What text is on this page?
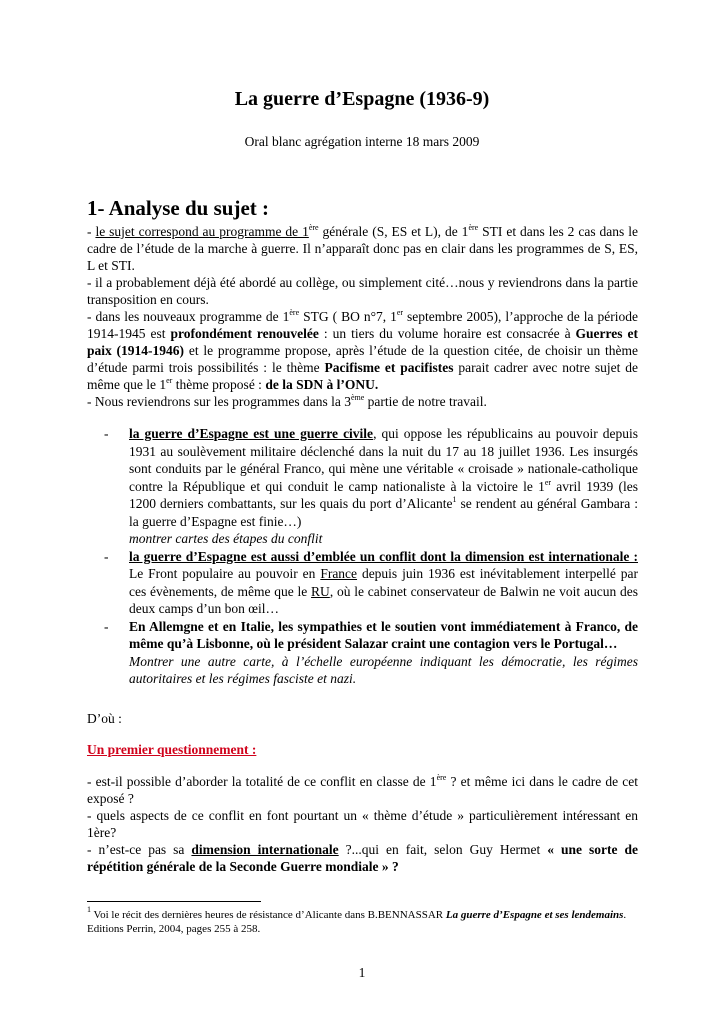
La guerre d’Espagne (1936-9)
Oral blanc agrégation interne 18 mars 2009
1- Analyse du sujet :
- le sujet correspond au programme de 1ère générale (S, ES et L), de 1ère STI et dans les 2 cas dans le cadre de l’étude de la marche à guerre. Il n’apparaît donc pas en clair dans les programmes de S, ES, L et STI.
- il a probablement déjà été abordé au collège, ou simplement cité…nous y reviendrons dans la partie transposition en cours.
- dans les nouveaux programme de 1ère STG ( BO n°7, 1er septembre 2005), l’approche de la période 1914-1945 est profondément renouvelée : un tiers du volume horaire est consacrée à Guerres et paix (1914-1946) et le programme propose, après l’étude de la question citée, de choisir un thème d’étude parmi trois possibilités : le thème Pacifisme et pacifistes parait cadrer avec notre sujet de même que le 1er thème proposé : de la SDN à l’ONU.
- Nous reviendrons sur les programmes dans la 3ème partie de notre travail.
- la guerre d’Espagne est une guerre civile, qui oppose les républicains au pouvoir depuis 1931 au soulèvement militaire déclenché dans la nuit du 17 au 18 juillet 1936. Les insurgés sont conduits par le général Franco, qui mène une véritable « croisade » nationale-catholique contre la République et qui conduit le camp nationaliste à la victoire le 1er avril 1939 (les 1200 derniers combattants, sur les quais du port d’Alicante$^1$ se rendent au général Gambara : la guerre d’Espagne est finie…)
montrer cartes des étapes du conflit
- la guerre d’Espagne est aussi d’emblée un conflit dont la dimension est internationale : Le Front populaire au pouvoir en France depuis juin 1936 est inévitablement interpellé par ces évènements, de même que le RU, où le cabinet conservateur de Balwin ne voit aucun des deux camps d’un bon œil…
- En Allemgne et en Italie, les sympathies et le soutien vont immédiatement à Franco, de même qu’à Lisbonne, où le président Salazar craint une contagion vers le Portugal…
Montrer une autre carte, à l’échelle européenne indiquant les démocratie, les régimes autoritaires et les régimes fasciste et nazi.
D’où :
Un premier questionnement :
- est-il possible d’aborder la totalité de ce conflit en classe de 1ère ? et même ici dans le cadre de cet exposé ?
- quels aspects de ce conflit en font pourtant un « thème d’étude » particulièrement intéressant en 1ère?
- n’est-ce pas sa dimension internationale ?...qui en fait, selon Guy Hermet « une sorte de répétition générale de la Seconde Guerre mondiale » ?
$^1$ Voi le récit des dernières heures de résistance d’Alicante dans B.BENNASSAR La guerre d’Espagne et ses lendemains. Editions Perrin, 2004, pages 255 à 258.
1
